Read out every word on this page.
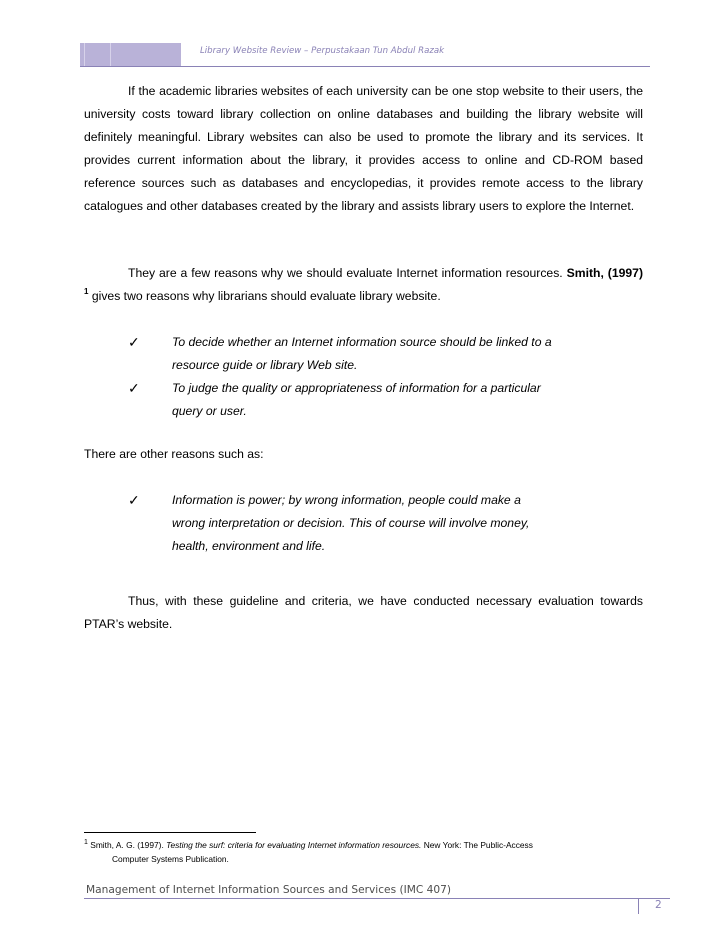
Library Website Review – Perpustakaan Tun Abdul Razak
If the academic libraries websites of each university can be one stop website to their users, the university costs toward library collection on online databases and building the library website will definitely meaningful. Library websites can also be used to promote the library and its services. It provides current information about the library, it provides access to online and CD-ROM based reference sources such as databases and encyclopedias, it provides remote access to the library catalogues and other databases created by the library and assists library users to explore the Internet.
They are a few reasons why we should evaluate Internet information resources. Smith, (1997) $^1$ gives two reasons why librarians should evaluate library website.
✓	To decide whether an Internet information source should be linked to a
resource guide or library Web site.
✓	To judge the quality or appropriateness of information for a particular
query or user.
There are other reasons such as:
✓	Information is power; by wrong information, people could make a
wrong interpretation or decision. This of course will involve money,
health, environment and life.
Thus, with these guideline and criteria, we have conducted necessary evaluation towards PTAR’s website.
$^1$ Smith, A. G. (1997). Testing the surf: criteria for evaluating Internet information resources. New York: The Public-Access
Computer Systems Publication.
Management of Internet Information Sources and Services (IMC 407)
2
